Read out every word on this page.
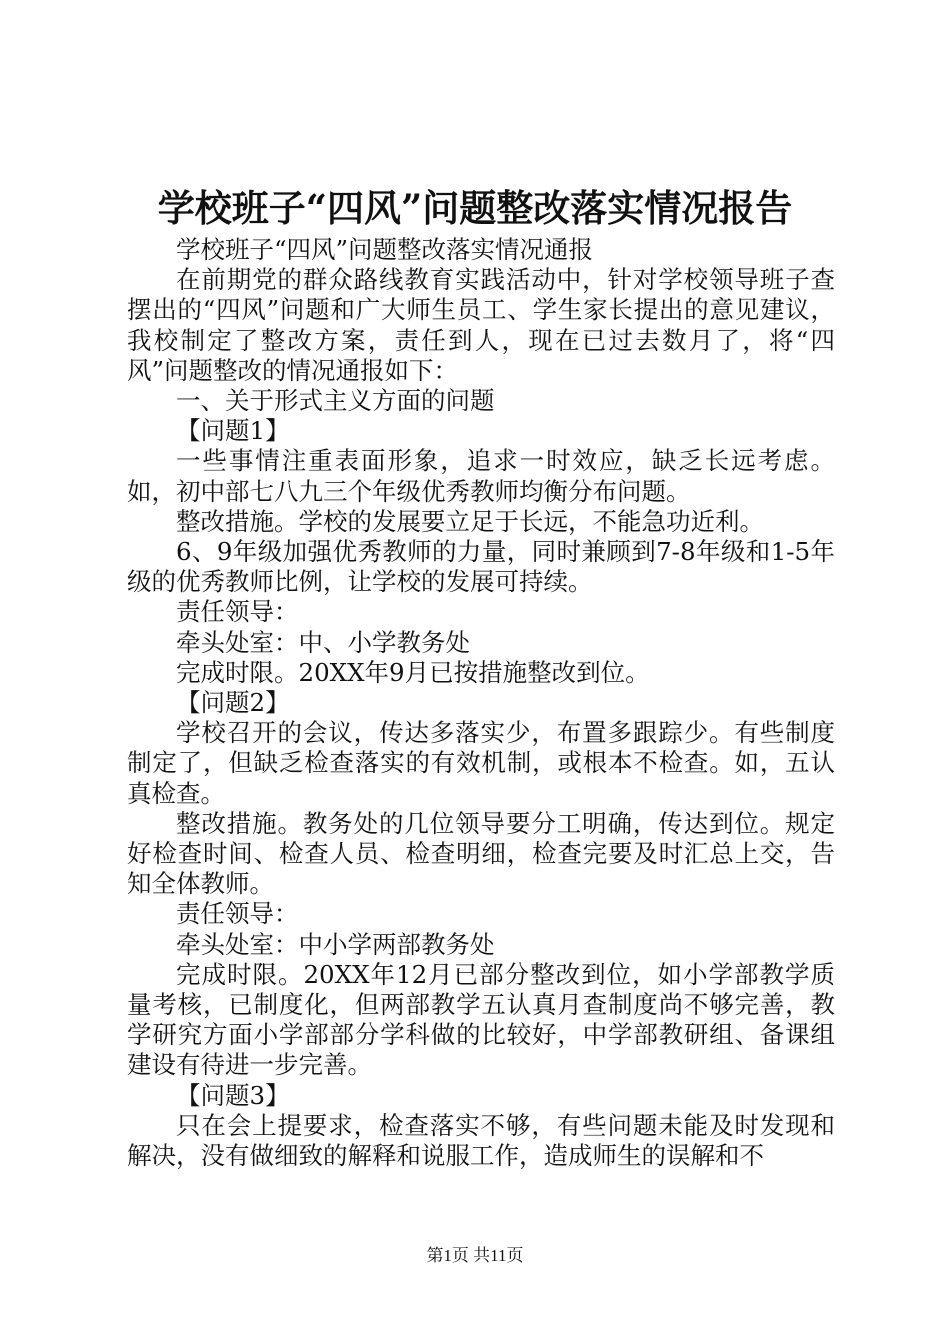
学校班子“四风”问题整改落实情况报告

学校班子“四风”问题整改落实情况通报

在前期党的群众路线教育实践活动中，针对学校领导班子查摆出的“四风”问题和广大师生员工、学生家长提出的意见建议，我校制定了整改方案，责任到人，现在已过去数月了，将“四风”问题整改的情况通报如下：

一、关于形式主义方面的问题

【问题1】

一些事情注重表面形象，追求一时效应，缺乏长远考虑。如，初中部七八九三个年级优秀教师均衡分布问题。

整改措施。学校的发展要立足于长远，不能急功近利。

6、9年级加强优秀教师的力量，同时兼顾到7-8年级和1-5年级的优秀教师比例，让学校的发展可持续。

责任领导：

牵头处室：中、小学教务处

完成时限。20XX年9月已按措施整改到位。

【问题2】

学校召开的会议，传达多落实少，布置多跟踪少。有些制度制定了，但缺乏检查落实的有效机制，或根本不检查。如，五认真检查。

整改措施。教务处的几位领导要分工明确，传达到位。规定好检查时间、检查人员、检查明细，检查完要及时汇总上交，告知全体教师。

责任领导：

牵头处室：中小学两部教务处

完成时限。20XX年12月已部分整改到位，如小学部教学质量考核，已制度化，但两部教学五认真月查制度尚不够完善，教学研究方面小学部部分学科做的比较好，中学部教研组、备课组建设有待进一步完善。

【问题3】

只在会上提要求，检查落实不够，有些问题未能及时发现和解决，没有做细致的解释和说服工作，造成师生的误解和不

第1页 共11页
